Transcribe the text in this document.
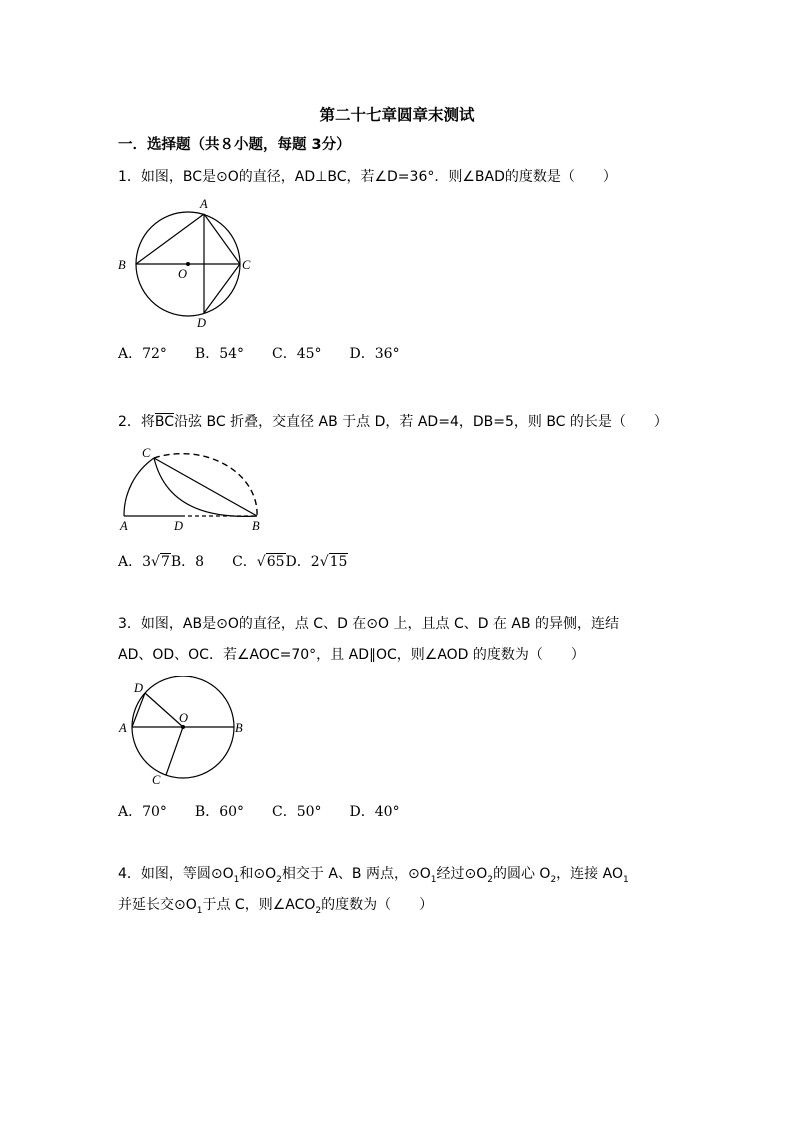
第二十七章圆章末测试
一．选择题（共８小题，每题 3分）
1．如图，BC是⊙O的直径，AD⊥BC，若∠D=36°．则∠BAD的度数是（　　）
A
B	C
D
O
A．72°　　B．54°　　C．45°　　D．36°
2．将BC沿弦 BC 折叠，交直径 AB 于点 D，若 AD=4，DB=5，则 BC 的长是（　　）
C
A	D	B
A．3√7B．8　　C．√65D．2√15
3．如图，AB是⊙O的直径，点 C、D 在⊙O 上，且点 C、D 在 AB 的异侧，连结
AD、OD、OC．若∠AOC=70°，且 AD∥OC，则∠AOD 的度数为（　　）
D
A
O
B
C
A．70°　　B．60°　　C．50°　　D．40°
4．如图，等圆$⊙O_1$和$⊙O_2$相交于 A、B 两点，$⊙O_1$经过$⊙O_2$的圆心 $O_2$，连接 $AO_1$
并延长交$⊙O_1$于点 C，则$\angle ACO_2$的度数为（　　）
